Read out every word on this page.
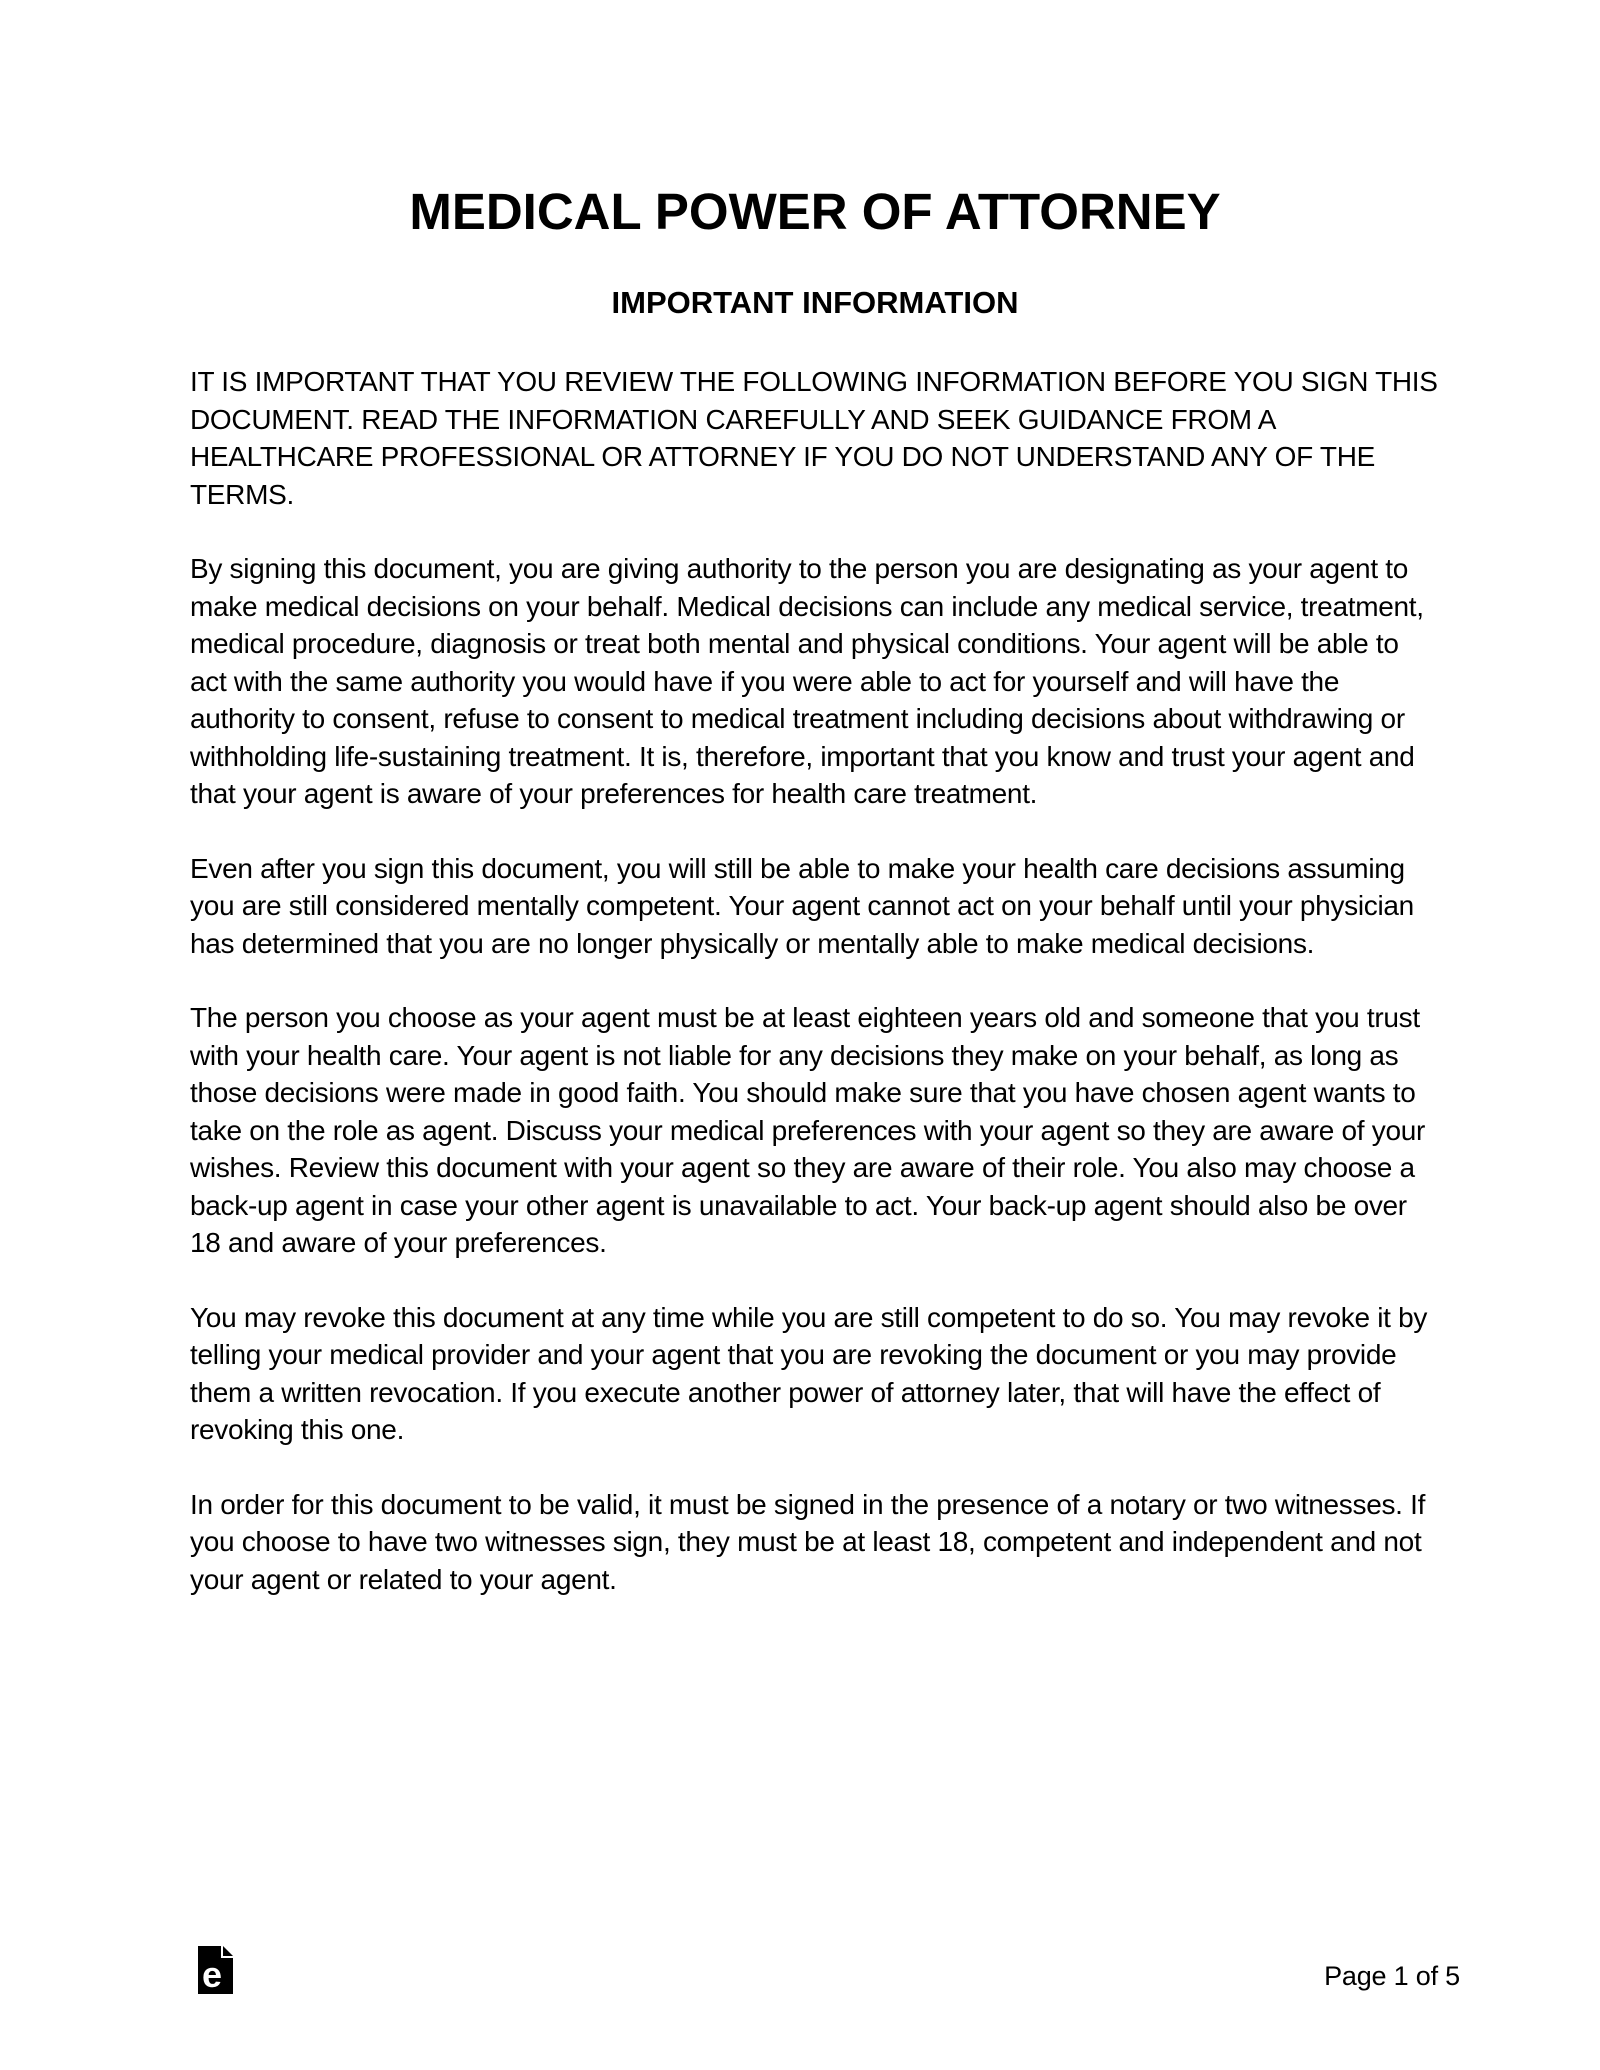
MEDICAL POWER OF ATTORNEY
IMPORTANT INFORMATION

IT IS IMPORTANT THAT YOU REVIEW THE FOLLOWING INFORMATION BEFORE YOU SIGN THIS DOCUMENT. READ THE INFORMATION CAREFULLY AND SEEK GUIDANCE FROM A HEALTHCARE PROFESSIONAL OR ATTORNEY IF YOU DO NOT UNDERSTAND ANY OF THE TERMS.

By signing this document, you are giving authority to the person you are designating as your agent to make medical decisions on your behalf. Medical decisions can include any medical service, treatment, medical procedure, diagnosis or treat both mental and physical conditions. Your agent will be able to act with the same authority you would have if you were able to act for yourself and will have the authority to consent, refuse to consent to medical treatment including decisions about withdrawing or withholding life-sustaining treatment. It is, therefore, important that you know and trust your agent and that your agent is aware of your preferences for health care treatment.

Even after you sign this document, you will still be able to make your health care decisions assuming you are still considered mentally competent. Your agent cannot act on your behalf until your physician has determined that you are no longer physically or mentally able to make medical decisions.

The person you choose as your agent must be at least eighteen years old and someone that you trust with your health care. Your agent is not liable for any decisions they make on your behalf, as long as those decisions were made in good faith. You should make sure that you have chosen agent wants to take on the role as agent. Discuss your medical preferences with your agent so they are aware of your wishes. Review this document with your agent so they are aware of their role. You also may choose a back-up agent in case your other agent is unavailable to act. Your back-up agent should also be over 18 and aware of your preferences.

You may revoke this document at any time while you are still competent to do so. You may revoke it by telling your medical provider and your agent that you are revoking the document or you may provide them a written revocation. If you execute another power of attorney later, that will have the effect of revoking this one.

In order for this document to be valid, it must be signed in the presence of a notary or two witnesses. If you choose to have two witnesses sign, they must be at least 18, competent and independent and not your agent or related to your agent.

e	Page 1 of 5
